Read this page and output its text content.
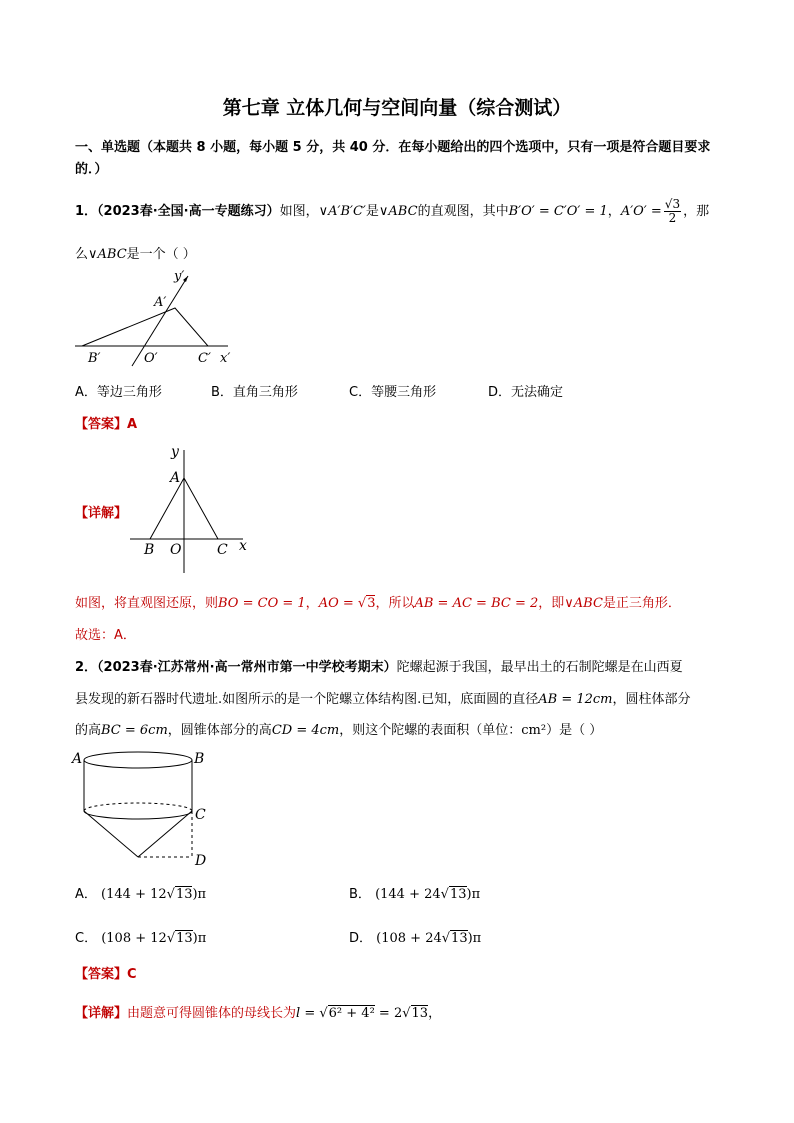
第七章 立体几何与空间向量（综合测试）
一、单选题（本题共 8 小题，每小题 5 分，共 40 分．在每小题给出的四个选项中，只有一项是符合题目要求的．）
1．（2023春·全国·高一专题练习）如图，∨A′B′C′是∨ABC的直观图，其中B′O′ = C′O′ = 1，$A'O' = \frac{√3}{2}$ ，那
么∨ABC是一个（ ）
y′
A′
B′	O′	C′ x′
A．等边三角形	B．直角三角形	C．等腰三角形	D．无法确定
【答案】A
【详解】
y
A
B O	C x
如图，将直观图还原，则BO = CO = 1，AO = √3，所以AB = AC = BC = 2，即∨ABC是正三角形．
故选：A．
2．（2023春·江苏常州·高一常州市第一中学校考期末）陀螺起源于我国，最早出土的石制陀螺是在山西夏
县发现的新石器时代遗址.如图所示的是一个陀螺立体结构图.已知，底面圆的直径AB = 12cm，圆柱体部分
的高BC = 6cm，圆锥体部分的高CD = 4cm，则这个陀螺的表面积（单位：cm²）是（ ）
A	B
C
D
A． (144 + 12√13)π	B． (144 + 24√13)π
C． (108 + 12√13)π	D． (108 + 24√13)π
【答案】C
【详解】由题意可得圆锥体的母线长为l = √6² + 4² = 2√13，
